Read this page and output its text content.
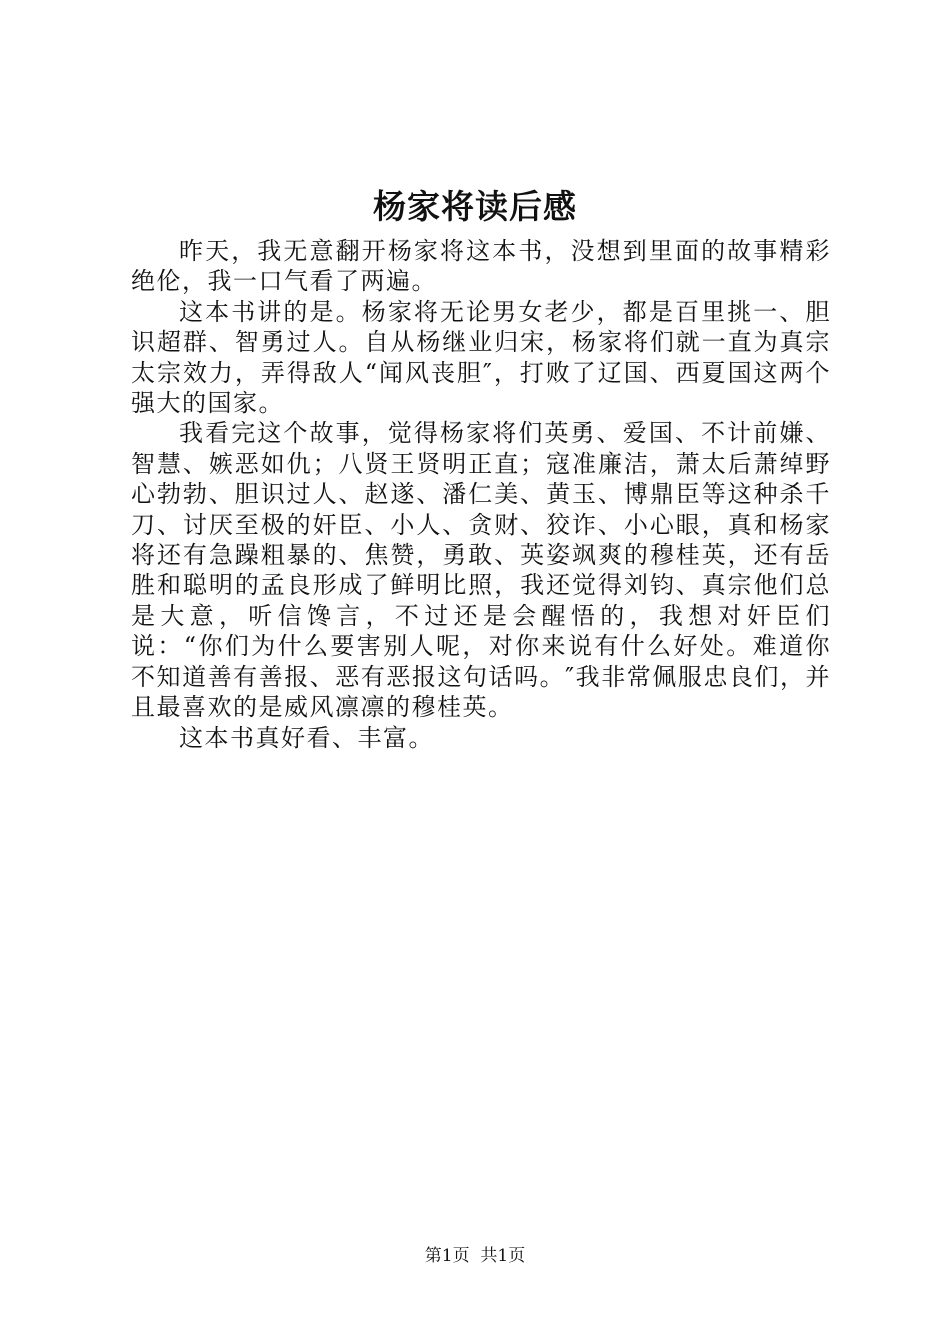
杨家将读后感

昨天，我无意翻开杨家将这本书，没想到里面的故事精彩绝伦，我一口气看了两遍。

这本书讲的是。杨家将无论男女老少，都是百里挑一、胆识超群、智勇过人。自从杨继业归宋，杨家将们就一直为真宗太宗效力，弄得敌人“闻风丧胆″，打败了辽国、西夏国这两个强大的国家。

我看完这个故事，觉得杨家将们英勇、爱国、不计前嫌、智慧、嫉恶如仇；八贤王贤明正直；寇准廉洁，萧太后萧绰野心勃勃、胆识过人、赵遂、潘仁美、黄玉、博鼎臣等这种杀千刀、讨厌至极的奸臣、小人、贪财、狡诈、小心眼，真和杨家将还有急躁粗暴的、焦赞，勇敢、英姿飒爽的穆桂英，还有岳胜和聪明的孟良形成了鲜明比照，我还觉得刘钧、真宗他们总是大意，听信馋言，不过还是会醒悟的，我想对奸臣们说：“你们为什么要害别人呢，对你来说有什么好处。难道你不知道善有善报、恶有恶报这句话吗。″我非常佩服忠良们，并且最喜欢的是威风凛凛的穆桂英。

这本书真好看、丰富。

第1页 共1页
